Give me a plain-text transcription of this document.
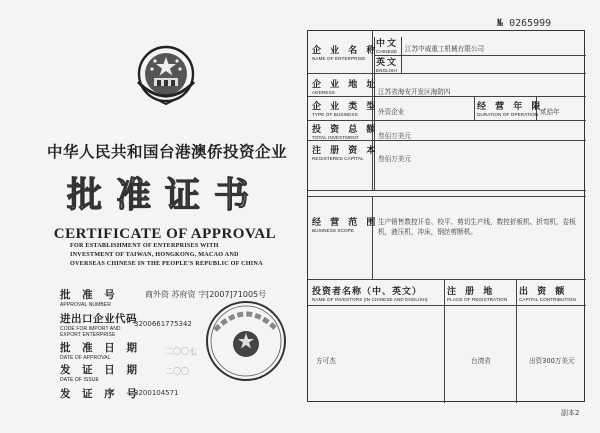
№ 0265999
中华人民共和国台港澳侨投资企业
批准证书
CERTIFICATE OF APPROVAL
FOR ESTABLISHMENT OF ENTERPRISES WITH
INVESTMENT OF TAIWAN, HONGKONG, MACAO AND
OVERSEAS CHINESE IN THE PEOPLE'S REPUBLIC OF CHINA
批 准 号
APPROVAL NUMBER
商外资 苏府资 字[2007]71005号
进出口企业代码
CODE FOR IMPORT AND
EXPORT ENTERPRISE
3200661775342
批 准 日 期
DATE OF APPROVAL
二〇〇七
发 证 日 期
DATE OF ISSUE
二〇〇
发 证 序 号
3200104571
企 业 名 称
NAME OF ENTERPRISE
中文
CHINESE 江苏中威重工机械有限公司
英文
ENGLISH
企 业 地 址
ADDRESS	江苏省海安开发区海防四
企 业 类 型
TYPE OF BUSINESS	外资企业	经 营 年 限
DURATION OF OPERATION 贰拾年
投 资 总 额
TOTAL INVESTMENT	叁佰万美元
注 册 资 本
REGISTERED CAPITAL	叁佰万美元
经 营 范 围
BUSINESS SCOPE
生产销售数控开卷、校平、剪切生产线，数控折板机、折弯机，卷板机，液压机，冲床，钢丝剪断机。
投资者名称（中、英文）
NAME OF INVESTORS (IN CHINESE AND ENGLISH)
注 册 地
PLACE OF REGISTRATION
出 资 额
CAPITAL CONTRIBUTION
方可杰	台湾省	出资300万美元
副本2
